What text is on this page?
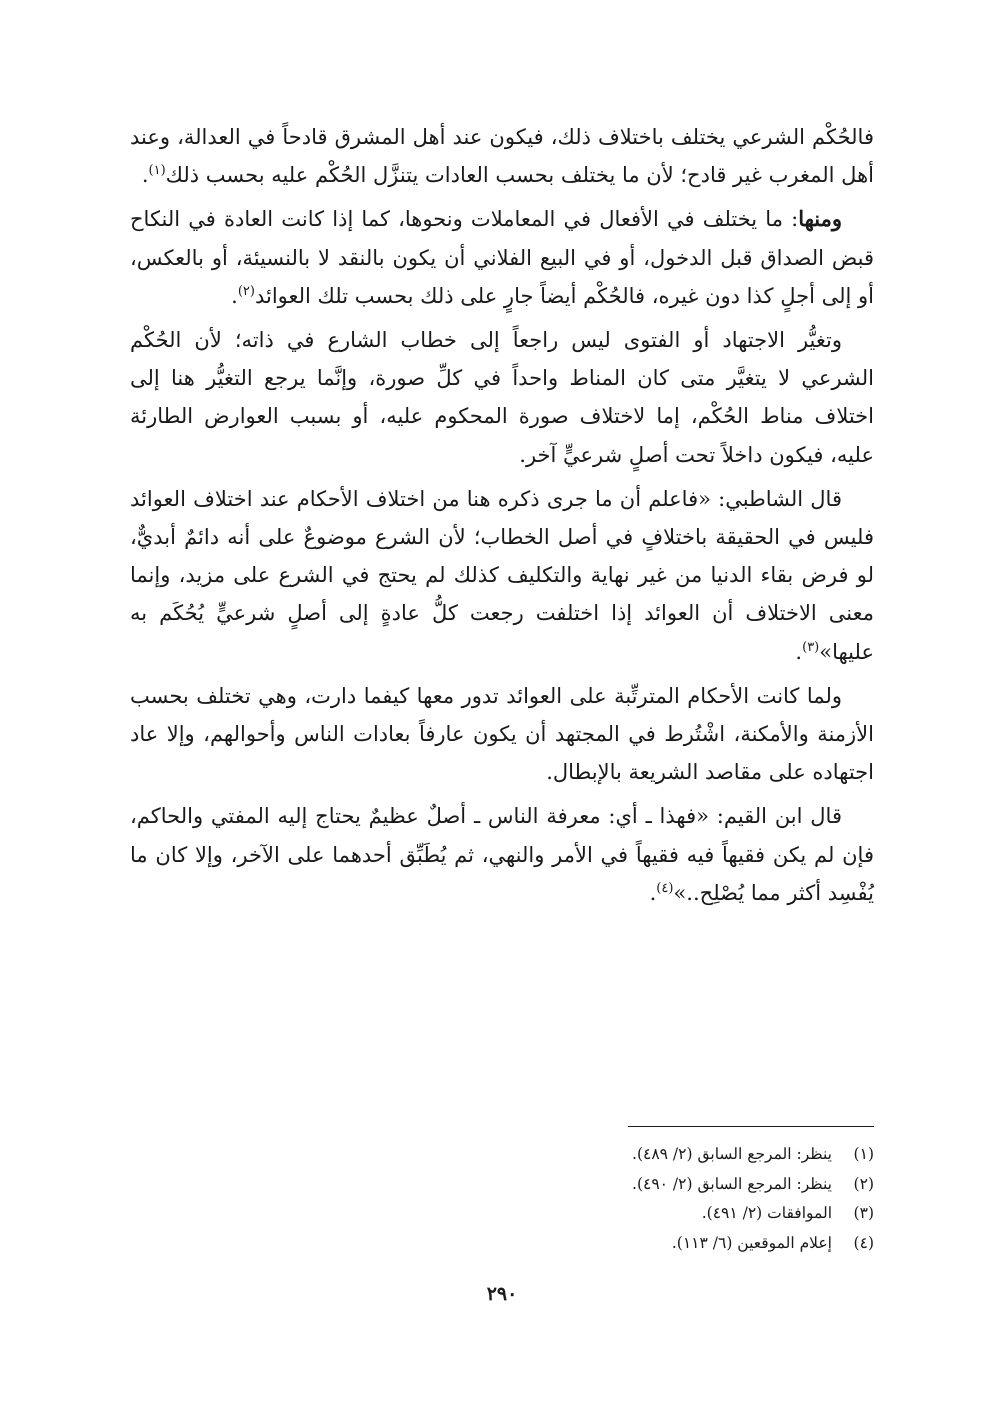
فالحُكْم الشرعي يختلف باختلاف ذلك، فيكون عند أهل المشرق قادحاً في العدالة، وعند أهل المغرب غير قادح؛ لأن ما يختلف بحسب العادات يتنزَّل الحُكْم عليه بحسب ذلك$^{(١)}$.

ومنها: ما يختلف في الأفعال في المعاملات ونحوها، كما إذا كانت العادة في النكاح قبض الصداق قبل الدخول، أو في البيع الفلاني أن يكون بالنقد لا بالنسيئة، أو بالعكس، أو إلى أجلٍ كذا دون غيره، فالحُكْم أيضاً جارٍ على ذلك بحسب تلك العوائد$^{(٢)}$.

وتغيُّر الاجتهاد أو الفتوى ليس راجعاً إلى خطاب الشارع في ذاته؛ لأن الحُكْم الشرعي لا يتغيَّر متى كان المناط واحداً في كلِّ صورة، وإنَّما يرجع التغيُّر هنا إلى اختلاف مناط الحُكْم، إما لاختلاف صورة المحكوم عليه، أو بسبب العوارض الطارئة عليه، فيكون داخلاً تحت أصلٍ شرعيٍّ آخر.

قال الشاطبي: «فاعلم أن ما جرى ذكره هنا من اختلاف الأحكام عند اختلاف العوائد فليس في الحقيقة باختلافٍ في أصل الخطاب؛ لأن الشرع موضوعٌ على أنه دائمٌ أبديٌّ، لو فرض بقاء الدنيا من غير نهاية والتكليف كذلك لم يحتج في الشرع على مزيد، وإنما معنى الاختلاف أن العوائد إذا اختلفت رجعت كلُّ عادةٍ إلى أصلٍ شرعيٍّ يُحُكَم به عليها»$^{(٣)}$.

ولما كانت الأحكام المترتِّبة على العوائد تدور معها كيفما دارت، وهي تختلف بحسب الأزمنة والأمكنة، اشْتُرط في المجتهد أن يكون عارفاً بعادات الناس وأحوالهم، وإلا عاد اجتهاده على مقاصد الشريعة بالإبطال.

قال ابن القيم: «فهذا ـ أي: معرفة الناس ـ أصلٌ عظيمٌ يحتاج إليه المفتي والحاكم، فإن لم يكن فقيهاً فيه فقيهاً في الأمر والنهي، ثم يُطَبِّق أحدهما على الآخر، وإلا كان ما يُفْسِد أكثر مما يُصْلِح..»$^{(٤)}$.

(١)
ينظر: المرجع السابق (٢/ ٤٨٩).
(٢)
ينظر: المرجع السابق (٢/ ٤٩٠).
(٣)
الموافقات (٢/ ٤٩١).
(٤)
إعلام الموقعين (٦/ ١١٣).
٢٩٠
